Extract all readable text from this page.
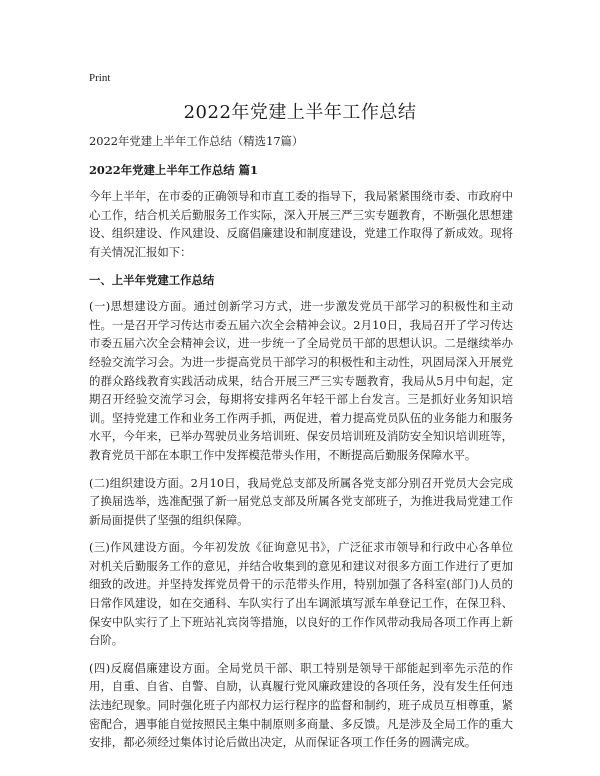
Print
2022年党建上半年工作总结

2022年党建上半年工作总结（精选17篇）

2022年党建上半年工作总结 篇1

今年上半年，在市委的正确领导和市直工委的指导下，我局紧紧围绕市委、市政府中心工作，结合机关后勤服务工作实际，深入开展三严三实专题教育，不断强化思想建设、组织建设、作风建设、反腐倡廉建设和制度建设，党建工作取得了新成效。现将有关情况汇报如下：

一、上半年党建工作总结

(一)思想建设方面。通过创新学习方式，进一步激发党员干部学习的积极性和主动性。一是召开学习传达市委五届六次全会精神会议。2月10日，我局召开了学习传达市委五届六次全会精神会议，进一步统一了全局党员干部的思想认识。二是继续举办经验交流学习会。为进一步提高党员干部学习的积极性和主动性，巩固局深入开展党的群众路线教育实践活动成果，结合开展三严三实专题教育，我局从5月中旬起，定期召开经验交流学习会，每期将安排两名年轻干部上台发言。三是抓好业务知识培训。坚持党建工作和业务工作两手抓，两促进，着力提高党员队伍的业务能力和服务水平，今年来，已举办驾驶员业务培训班、保安员培训班及消防安全知识培训班等，教育党员干部在本职工作中发挥模范带头作用，不断提高后勤服务保障水平。

(二)组织建设方面。2月10日，我局党总支部及所属各党支部分别召开党员大会完成了换届选举，选准配强了新一届党总支部及所属各党支部班子，为推进我局党建工作新局面提供了坚强的组织保障。

(三)作风建设方面。今年初发放《征询意见书》，广泛征求市领导和行政中心各单位对机关后勤服务工作的意见，并结合收集到的意见和建议对很多方面工作进行了更加细致的改进。并坚持发挥党员骨干的示范带头作用，特别加强了各科室(部门)人员的日常作风建设，如在交通科、车队实行了出车调派填写派车单登记工作，在保卫科、保安中队实行了上下班站礼宾岗等措施，以良好的工作作风带动我局各项工作再上新台阶。

(四)反腐倡廉建设方面。全局党员干部、职工特别是领导干部能起到率先示范的作用，自重、自省、自警、自励，认真履行党风廉政建设的各项任务，没有发生任何违法违纪现象。同时强化班子内部权力运行程序的监督和制约，班子成员互相尊重，紧密配合，遇事能自觉按照民主集中制原则多商量、多反馈。凡是涉及全局工作的重大安排，都必须经过集体讨论后做出决定，从而保证各项工作任务的圆满完成。
